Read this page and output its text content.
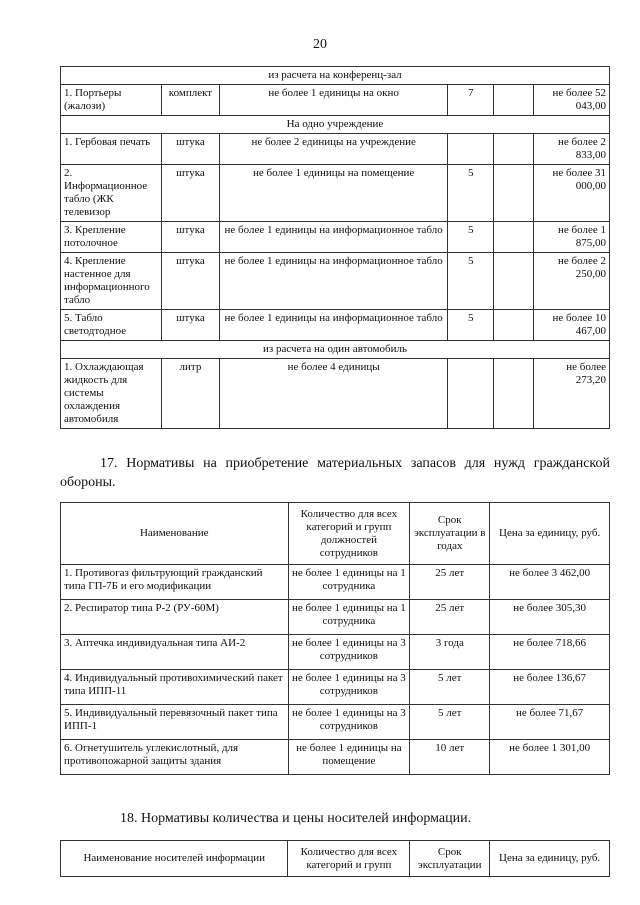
20
из расчета на конференц-зал					
1. Портьеры (жалози)	комплект	не более 1 единицы на окно	7		не более 52 043,00
На одно учреждение					
1. Гербовая печать	штука	не более 2 единицы на учреждение			не более 2 833,00
2. Информационное табло (ЖК телевизор	штука	не более 1 единицы на помещение	5		не более 31 000,00
3. Крепление потолочное	штука	не более 1 единицы на информационное табло	5		не более 1 875,00
4. Крепление настенное для информационного табло	штука	не более 1 единицы на информационное табло	5		не более 2 250,00
5. Табло светодтодное	штука	не более 1 единицы на информационное табло	5		не более 10 467,00
из расчета на один автомобиль					
1. Охлаждающая жидкость для системы охлаждения автомобиля	литр	не более 4 единицы			не более 273,20
17. Нормативы на приобретение материальных запасов для нужд гражданской обороны.
Наименование	Количество для всех категорий и групп должностей сотрудников	Срок эксплуатации в годах	Цена за единицу, руб.
1. Противогаз фильтрующий гражданский типа ГП-7Б и его модификации	не более 1 единицы на 1 сотрудника	25 лет	не более 3 462,00
2. Респиратор типа Р-2 (РУ-60М)	не более 1 единицы на 1 сотрудника	25 лет	не более 305,30
3. Аптечка индивидуальная типа АИ-2	не более 1 единицы на 3 сотрудников	3 года	не более 718,66
4. Индивидуальный противохимический пакет типа ИПП-11	не более 1 единицы на 3 сотрудников	5 лет	не более 136,67
5. Индивидуальный перевязочный пакет типа ИПП-1	не более 1 единицы на 3 сотрудников	5 лет	не более 71,67
6. Огнетушитель углекислотный, для противопожарной защиты здания	не более 1 единицы на помещение	10 лет	не более 1 301,00
18. Нормативы количества и цены носителей информации.
Наименование носителей информации	Количество для всех категорий и групп	Срок эксплуатации	Цена за единицу, руб.
